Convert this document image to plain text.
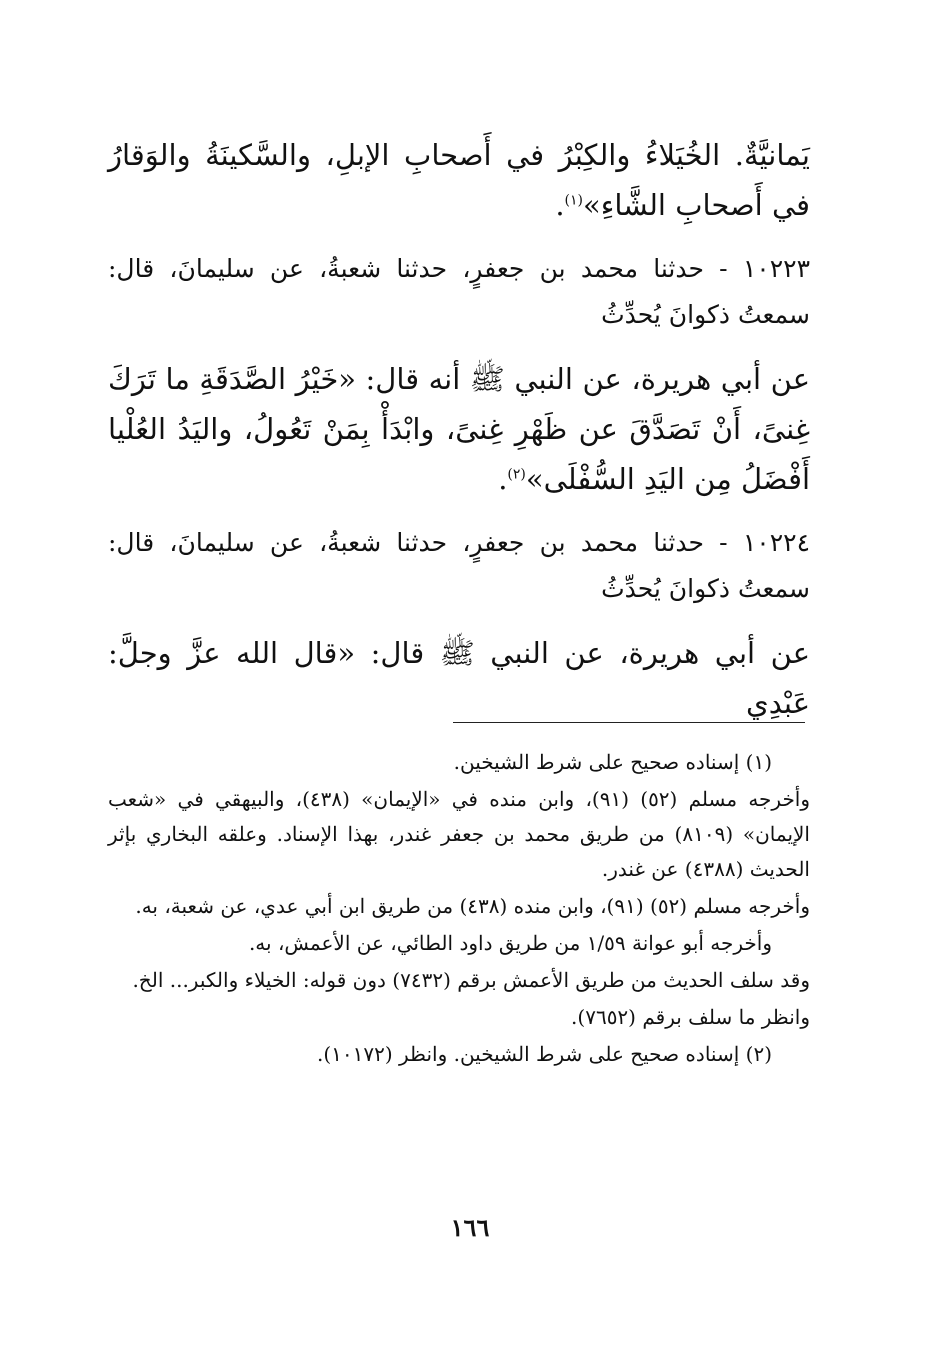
يَمانيَّةٌ. الخُيَلاءُ والكِبْرُ في أَصحابِ الإبلِ، والسَّكينَةُ والوَقارُ في أَصحابِ الشَّاءِ»$^{(١)}$.

١٠٢٢٣ - حدثنا محمد بن جعفرٍ، حدثنا شعبةُ، عن سليمانَ، قال: سمعتُ ذكوانَ يُحدِّثُ

عن أبي هريرة، عن النبي ﷺ أنه قال: «خَيْرُ الصَّدَقَةِ ما تَرَكَ غِنىً، أَنْ تَصَدَّقَ عن ظَهْرِ غِنىً، وابْدَأْ بِمَنْ تَعُولُ، واليَدُ العُلْيا أَفْضَلُ مِن اليَدِ السُّفْلَى»$^{(٢)}$.

١٠٢٢٤ - حدثنا محمد بن جعفرٍ، حدثنا شعبةُ، عن سليمانَ، قال: سمعتُ ذكوانَ يُحدِّثُ

عن أبي هريرة، عن النبي ﷺ قال: «قال الله عزَّ وجلَّ: عَبْدِي

(١) إسناده صحيح على شرط الشيخين.

وأخرجه مسلم (٥٢) (٩١)، وابن منده في «الإيمان» (٤٣٨)، والبيهقي في «شعب الإيمان» (٨١٠٩) من طريق محمد بن جعفر غندر، بهذا الإسناد. وعلقه البخاري بإثر الحديث (٤٣٨٨) عن غندر.

وأخرجه مسلم (٥٢) (٩١)، وابن منده (٤٣٨) من طريق ابن أبي عدي، عن شعبة، به.

وأخرجه أبو عوانة ١/٥٩ من طريق داود الطائي، عن الأعمش، به.

وقد سلف الحديث من طريق الأعمش برقم (٧٤٣٢) دون قوله: الخيلاء والكبر... الخ.

وانظر ما سلف برقم (٧٦٥٢).

(٢) إسناده صحيح على شرط الشيخين. وانظر (١٠١٧٢).

١٦٦
